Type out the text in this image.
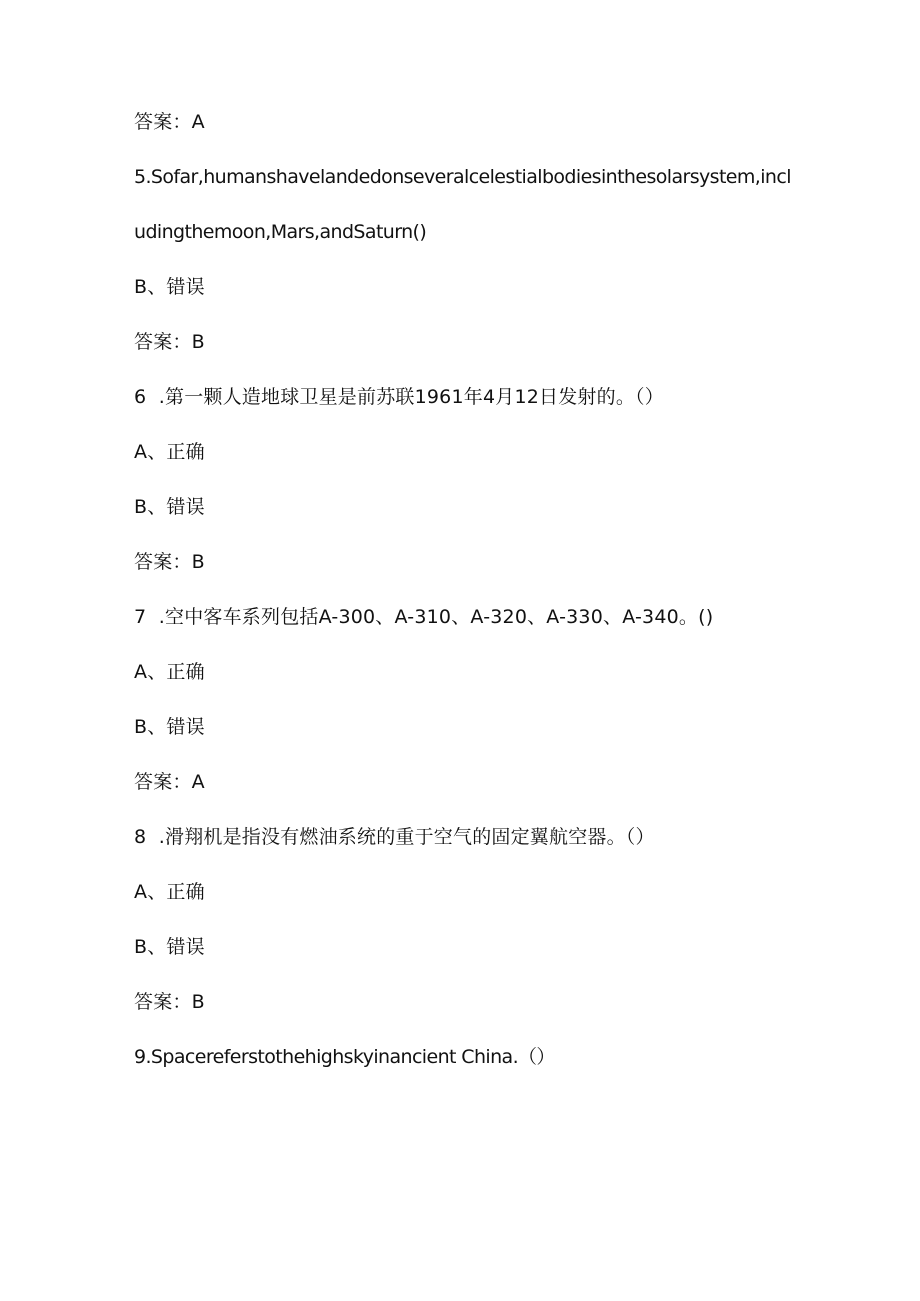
答案：A
5.Sofar,humanshavelandedonseveralcelestialbodiesinthesolarsystem,incl
udingthemoon,Mars,andSaturn()
B、错误
答案：B
6  .第一颗人造地球卫星是前苏联1961年4月12日发射的。（）
A、正确
B、错误
答案：B
7  .空中客车系列包括A-300、A-310、A-320、A-330、A-340。()
A、正确
B、错误
答案：A
8  .滑翔机是指没有燃油系统的重于空气的固定翼航空器。（）
A、正确
B、错误
答案：B
9.Spacereferstothehighskyinancient China.（）
